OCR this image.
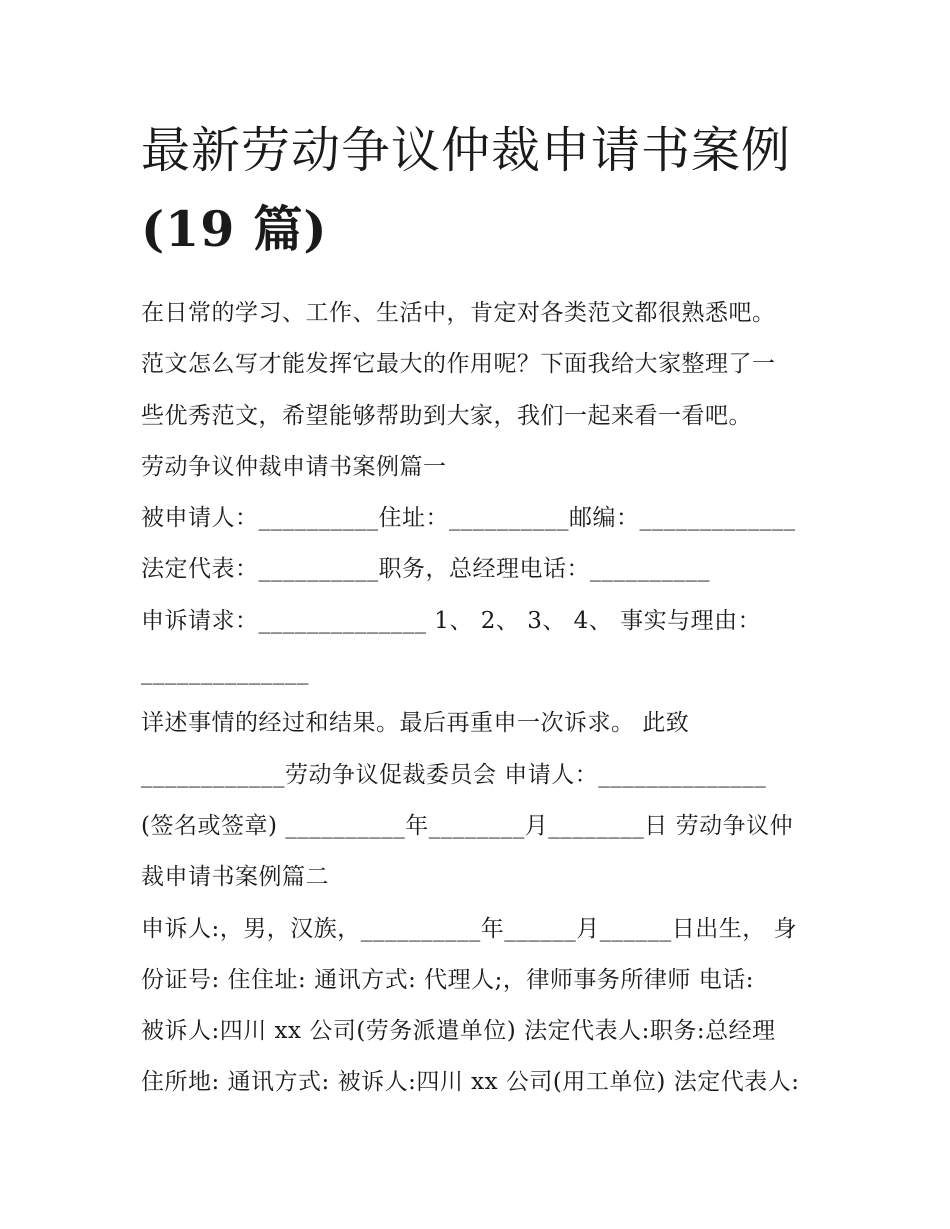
最新劳动争议仲裁申请书案例
(19 篇)
在日常的学习、工作、生活中，肯定对各类范文都很熟悉吧。
范文怎么写才能发挥它最大的作用呢？下面我给大家整理了一
些优秀范文，希望能够帮助到大家，我们一起来看一看吧。
劳动争议仲裁申请书案例篇一
被申请人：__________住址：__________邮编：_____________
法定代表：__________职务，总经理电话：__________
申诉请求：______________ 1、 2、 3、 4、 事实与理由：
______________
详述事情的经过和结果。最后再重申一次诉求。 此致
____________劳动争议促裁委员会 申请人：______________
(签名或签章) __________年________月________日 劳动争议仲
裁申请书案例篇二
申诉人:，男，汉族，__________年______月______日出生， 身
份证号: 住住址: 通讯方式: 代理人;，律师事务所律师 电话:
被诉人:四川 xx 公司(劳务派遣单位) 法定代表人:职务:总经理
住所地: 通讯方式: 被诉人:四川 xx 公司(用工单位) 法定代表人:
